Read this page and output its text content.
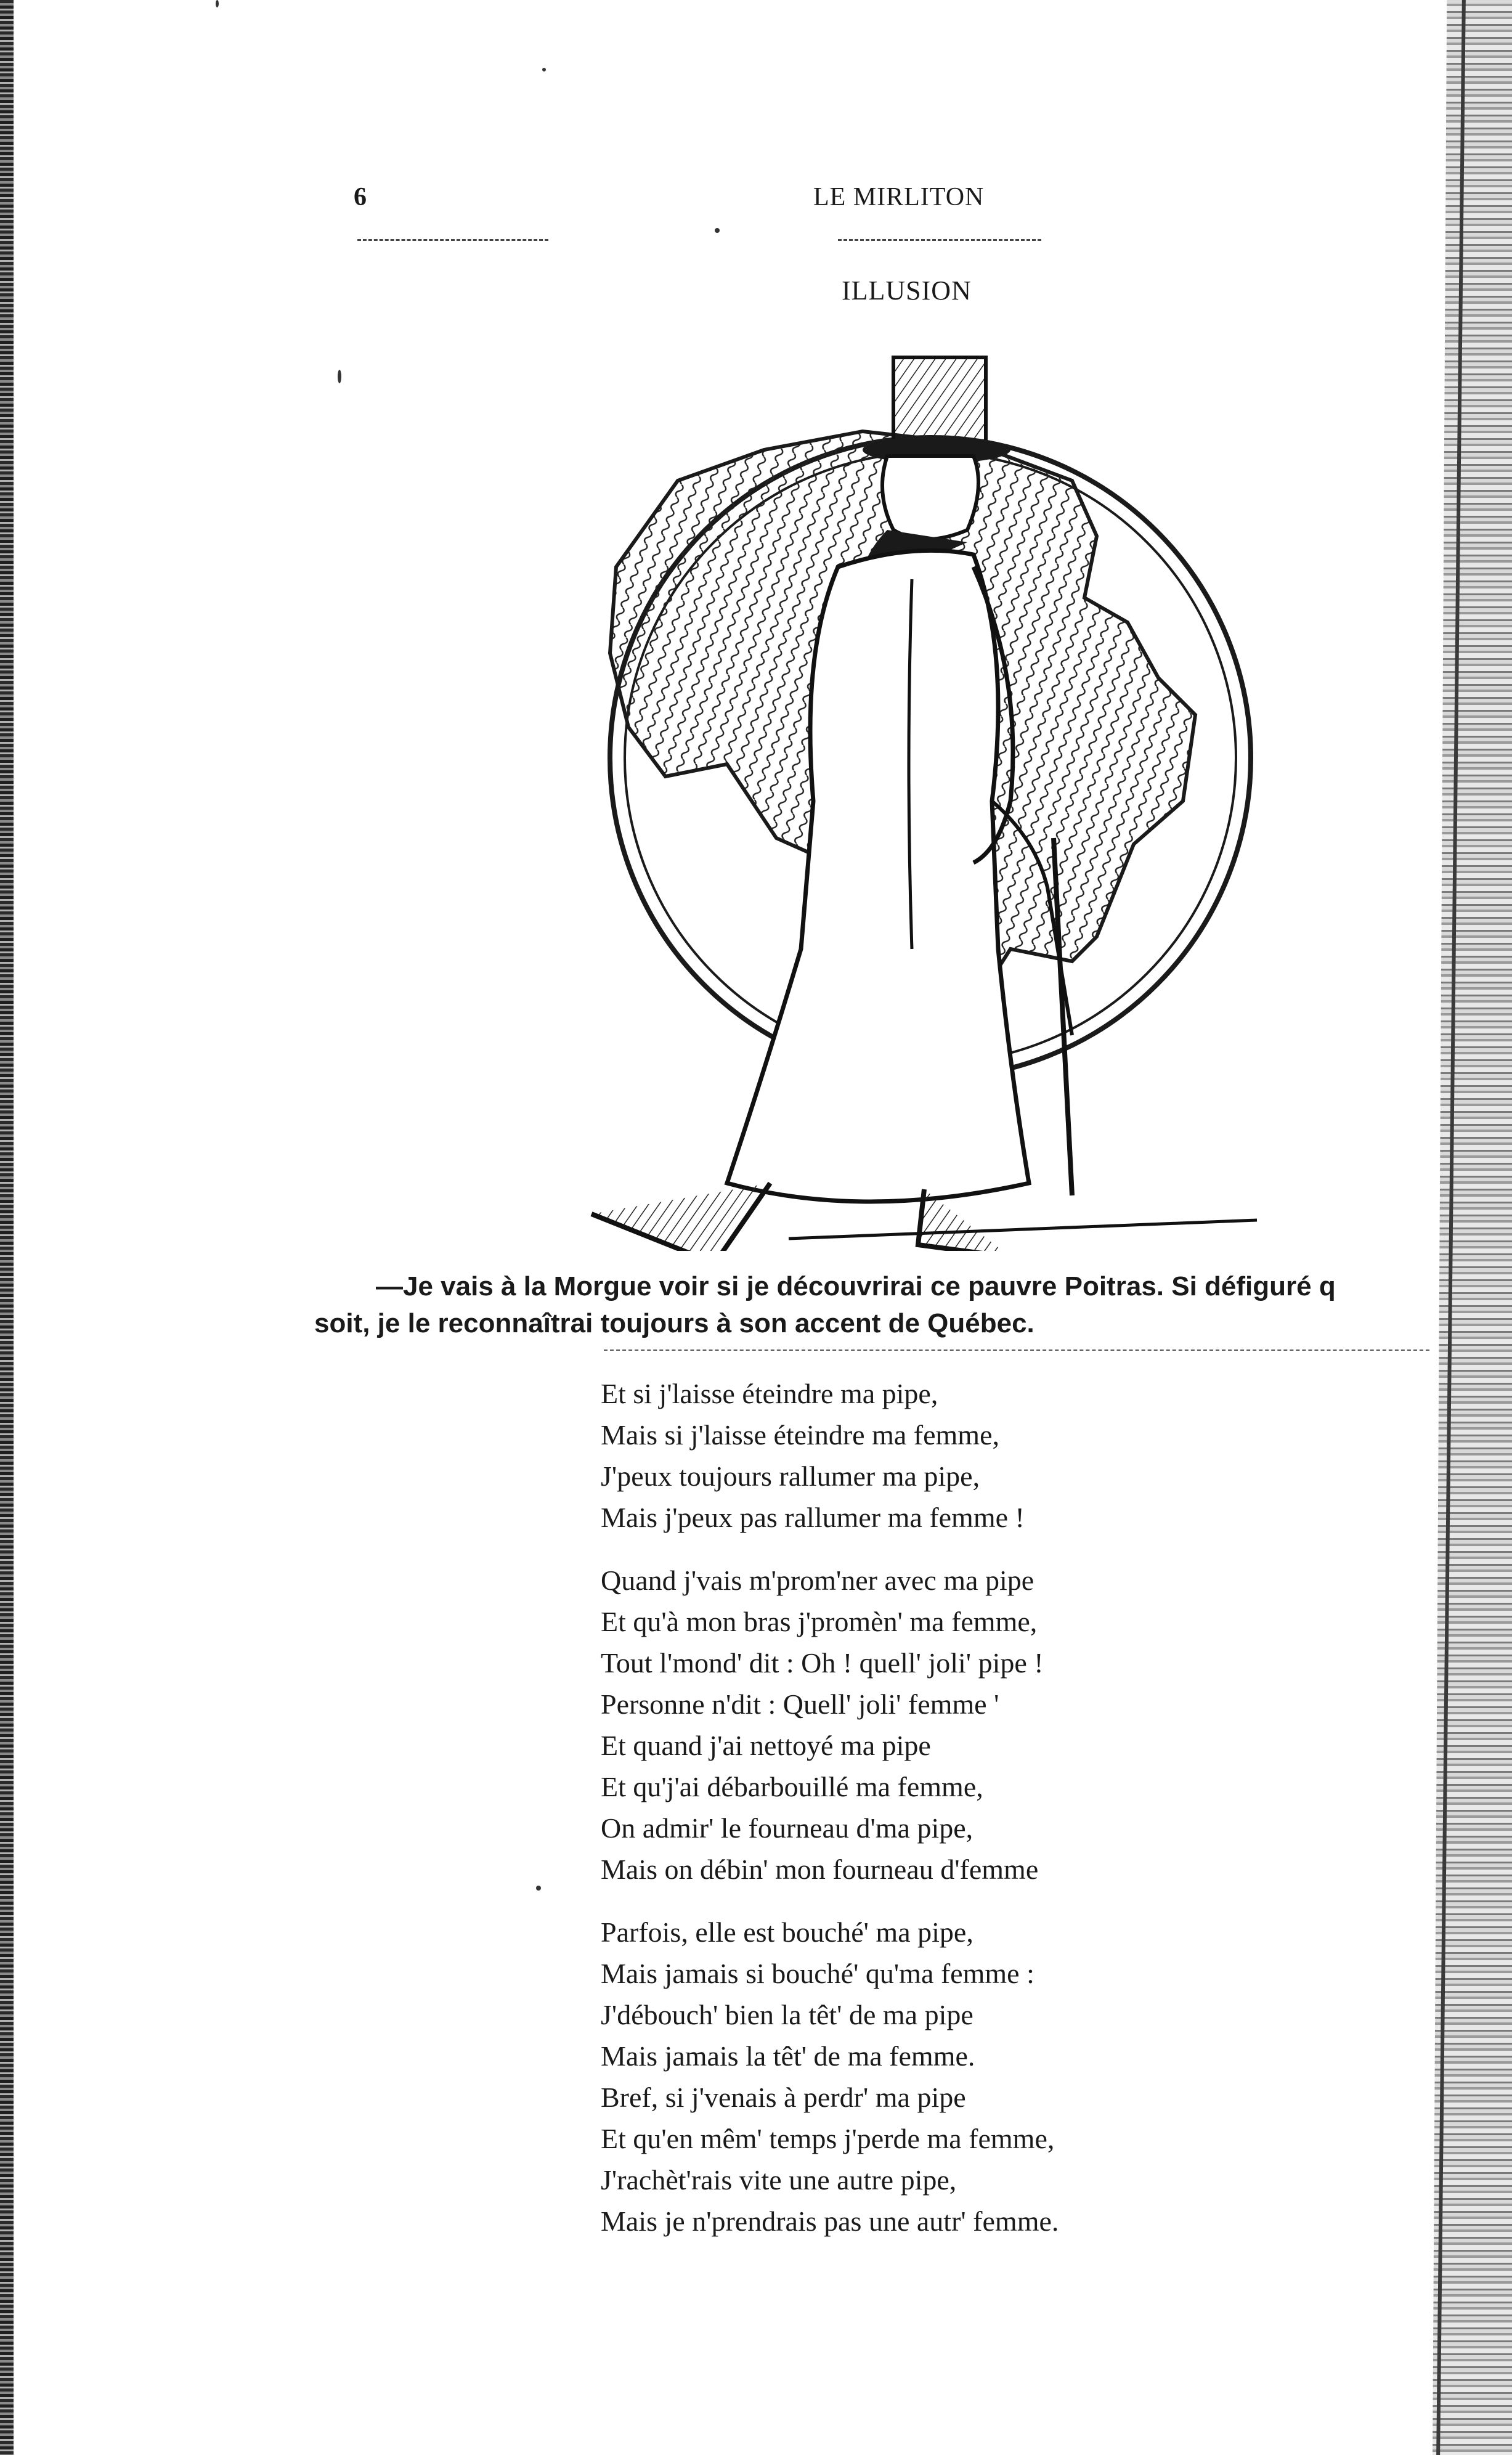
6	LE MIRLITON
ILLUSION
—Je vais à la Morgue voir si je découvrirai ce pauvre Poitras. Si défiguré q
soit, je le reconnaîtrai toujours à son accent de Québec.
Et si j'laisse éteindre ma pipe,
Mais si j'laisse éteindre ma femme,
J'peux toujours rallumer ma pipe,
Mais j'peux pas rallumer ma femme !
Quand j'vais m'prom'ner avec ma pipe
Et qu'à mon bras j'promèn' ma femme,
Tout l'mond' dit : Oh ! quell' joli' pipe !
Personne n'dit : Quell' joli' femme '
Et quand j'ai nettoyé ma pipe
Et qu'j'ai débarbouillé ma femme,
On admir' le fourneau d'ma pipe,
Mais on débin' mon fourneau d'femme
Parfois, elle est bouché' ma pipe,
Mais jamais si bouché' qu'ma femme :
J'débouch' bien la têt' de ma pipe
Mais jamais la têt' de ma femme.
Bref, si j'venais à perdr' ma pipe
Et qu'en mêm' temps j'perde ma femme,
J'rachèt'rais vite une autre pipe,
Mais je n'prendrais pas une autr' femme.
